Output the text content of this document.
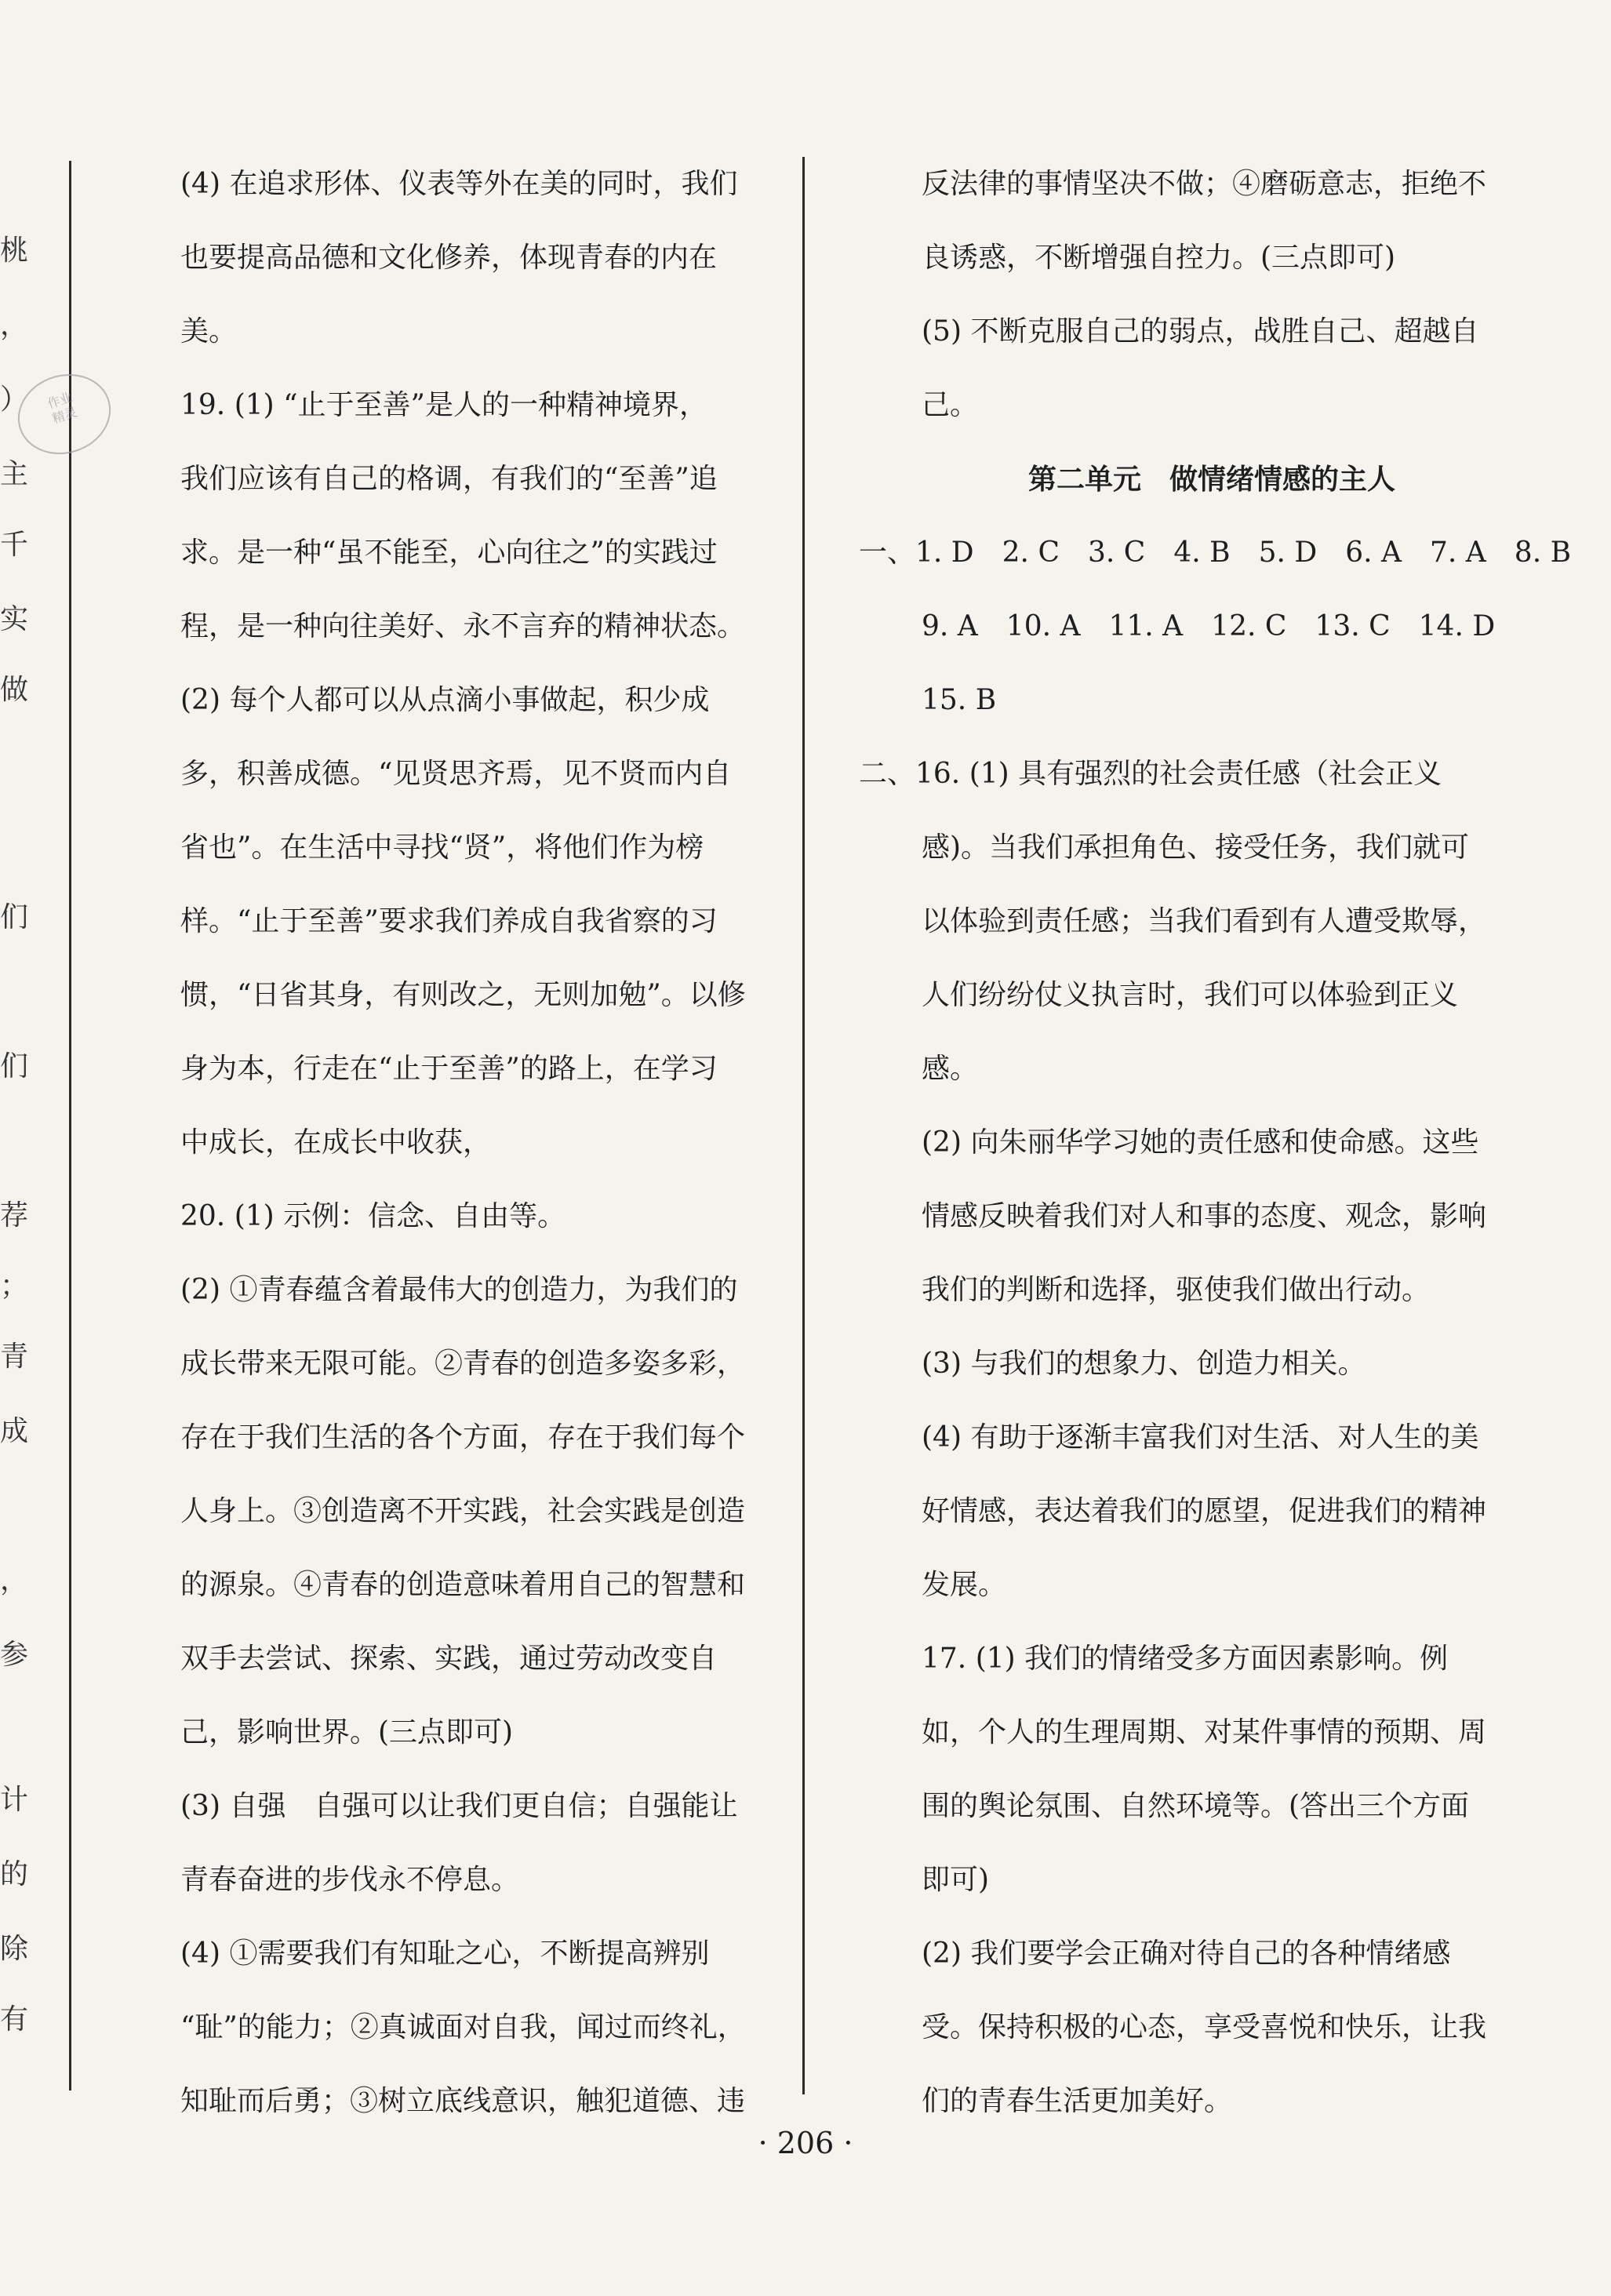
桃
，
）
主
千
实
做
们
们
荐
；
青
成
，
参
计
的
除
有
作业
精灵

(4) 在追求形体、仪表等外在美的同时，我们

也要提高品德和文化修养，体现青春的内在

美。

19. (1) “止于至善”是人的一种精神境界，

我们应该有自己的格调，有我们的“至善”追

求。是一种“虽不能至，心向往之”的实践过

程，是一种向往美好、永不言弃的精神状态。

(2) 每个人都可以从点滴小事做起，积少成

多，积善成德。“见贤思齐焉，见不贤而内自

省也”。在生活中寻找“贤”，将他们作为榜

样。“止于至善”要求我们养成自我省察的习

惯，“日省其身，有则改之，无则加勉”。以修

身为本，行走在“止于至善”的路上，在学习

中成长，在成长中收获，

20. (1) 示例：信念、自由等。

(2) ①青春蕴含着最伟大的创造力，为我们的

成长带来无限可能。②青春的创造多姿多彩，

存在于我们生活的各个方面，存在于我们每个

人身上。③创造离不开实践，社会实践是创造

的源泉。④青春的创造意味着用自己的智慧和

双手去尝试、探索、实践，通过劳动改变自

己，影响世界。(三点即可)

(3) 自强　自强可以让我们更自信；自强能让

青春奋进的步伐永不停息。

(4) ①需要我们有知耻之心，不断提高辨别

“耻”的能力；②真诚面对自我，闻过而终礼，

知耻而后勇；③树立底线意识，触犯道德、违

反法律的事情坚决不做；④磨砺意志，拒绝不

良诱惑，不断增强自控力。(三点即可)

(5) 不断克服自己的弱点，战胜自己、超越自

己。

第二单元　做情绪情感的主人

一、1. D　2. C　3. C　4. B　5. D　6. A　7. A　8. B

9. A　10. A　11. A　12. C　13. C　14. D

15. B

二、16. (1) 具有强烈的社会责任感（社会正义

感)。当我们承担角色、接受任务，我们就可

以体验到责任感；当我们看到有人遭受欺辱，

人们纷纷仗义执言时，我们可以体验到正义

感。

(2) 向朱丽华学习她的责任感和使命感。这些

情感反映着我们对人和事的态度、观念，影响

我们的判断和选择，驱使我们做出行动。

(3) 与我们的想象力、创造力相关。

(4) 有助于逐渐丰富我们对生活、对人生的美

好情感，表达着我们的愿望，促进我们的精神

发展。

17. (1) 我们的情绪受多方面因素影响。例

如，个人的生理周期、对某件事情的预期、周

围的舆论氛围、自然环境等。(答出三个方面

即可)

(2) 我们要学会正确对待自己的各种情绪感

受。保持积极的心态，享受喜悦和快乐，让我

们的青春生活更加美好。

· 206 ·
